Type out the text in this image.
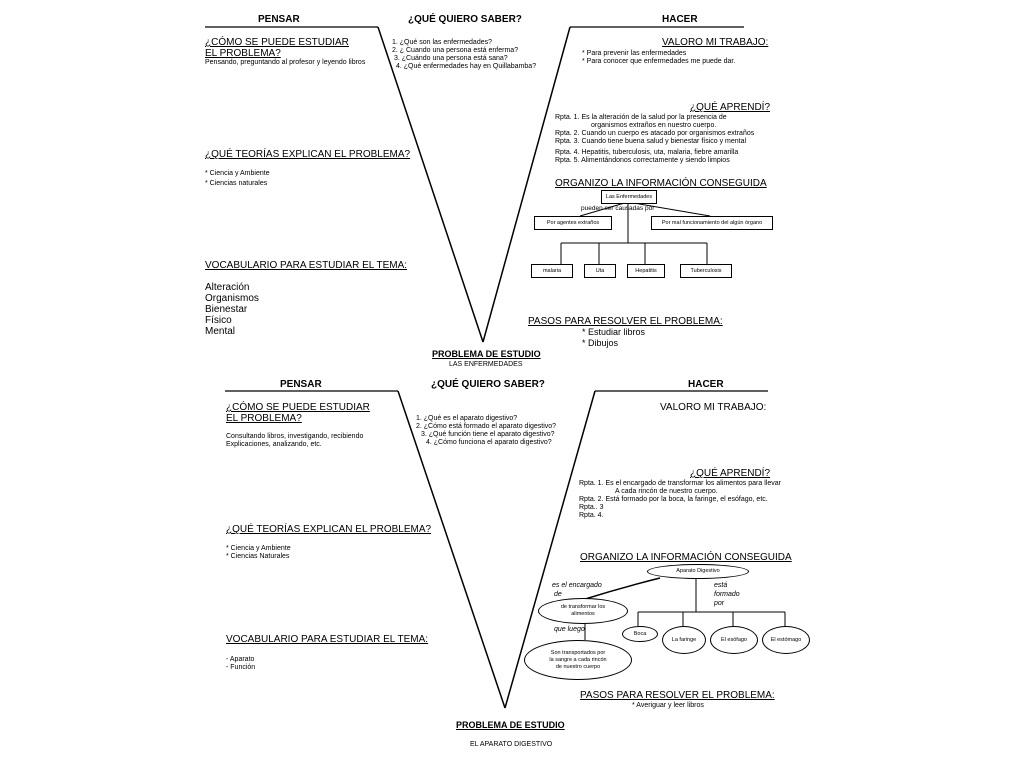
PENSAR	¿QUÉ QUIERO SABER?	HACER
¿CÓMO SE PUEDE ESTUDIAR
EL PROBLEMA?
Pensando, preguntando al profesor y leyendo libros
1. ¿Qué son las enfermedades?
2. ¿ Cuando una persona está enferma?
3. ¿Cuándo una persona está sana?
4. ¿Qué enfermedades hay en Quillabamba?
VALORO MI TRABAJO:
* Para prevenir las enfermedades
* Para conocer que enfermedades me puede dar.
¿QUÉ TEORÍAS EXPLICAN EL PROBLEMA?
* Ciencia y Ambiente
* Ciencias naturales
¿QUÉ APRENDÍ?
Rpta. 1. Es la alteración de la salud por la presencia de
organismos extraños en nuestro cuerpo.
Rpta. 2. Cuando un cuerpo es atacado por organismos extraños
Rpta. 3. Cuando tiene buena salud y bienestar físico y mental
Rpta. 4. Hepatitis, tuberculosis, uta, malaria, fiebre amarilla
Rpta. 5. Alimentándonos correctamente y siendo limpios
ORGANIZO LA INFORMACIÓN CONSEGUIDA
Las Enfermedades
pueden ser causadas por
Por agentes extraños	Por mal funcionamiento del algún órgano
malaria	Uta	Hepatitis	Tuberculosis
VOCABULARIO PARA ESTUDIAR EL TEMA:
Alteración
Organismos
Bienestar
Físico
Mental
PASOS PARA RESOLVER EL PROBLEMA:
* Estudiar libros
* Dibujos
PROBLEMA DE ESTUDIO
LAS ENFERMEDADES
PENSAR	¿QUÉ QUIERO SABER?	HACER
¿CÓMO SE PUEDE ESTUDIAR
EL PROBLEMA?
Consultando libros, investigando, recibiendo
Explicaciones, analizando, etc.
1. ¿Qué es el aparato digestivo?
2. ¿Cómo está formado el aparato digestivo?
3. ¿Qué función tiene el aparato digestivo?
4. ¿Cómo funciona el aparato digestivo?
VALORO MI TRABAJO:
¿QUÉ APRENDÍ?
Rpta. 1. Es el encargado de transformar los alimentos para llevar
A cada rincón de nuestro cuerpo.
Rpta. 2. Está formado por la boca, la faringe, el esófago, etc.
Rpta.. 3
Rpta. 4.
¿QUÉ TEORÍAS EXPLICAN EL PROBLEMA?
* Ciencia y Ambiente
* Ciencias Naturales	ORGANIZO LA INFORMACIÓN CONSEGUIDA
Aparato Digestivo
es el encargado
de
está
formado
por
de transformar los
alimentos
que luego
Son transportados por
la sangre a cada rincón
de nuestro cuerpo
Boca
La faringe	El esófago	El estómago
VOCABULARIO PARA ESTUDIAR EL TEMA:
- Aparato
- Función
PASOS PARA RESOLVER EL PROBLEMA:
* Averiguar y leer libros
PROBLEMA DE ESTUDIO
EL APARATO DIGESTIVO
